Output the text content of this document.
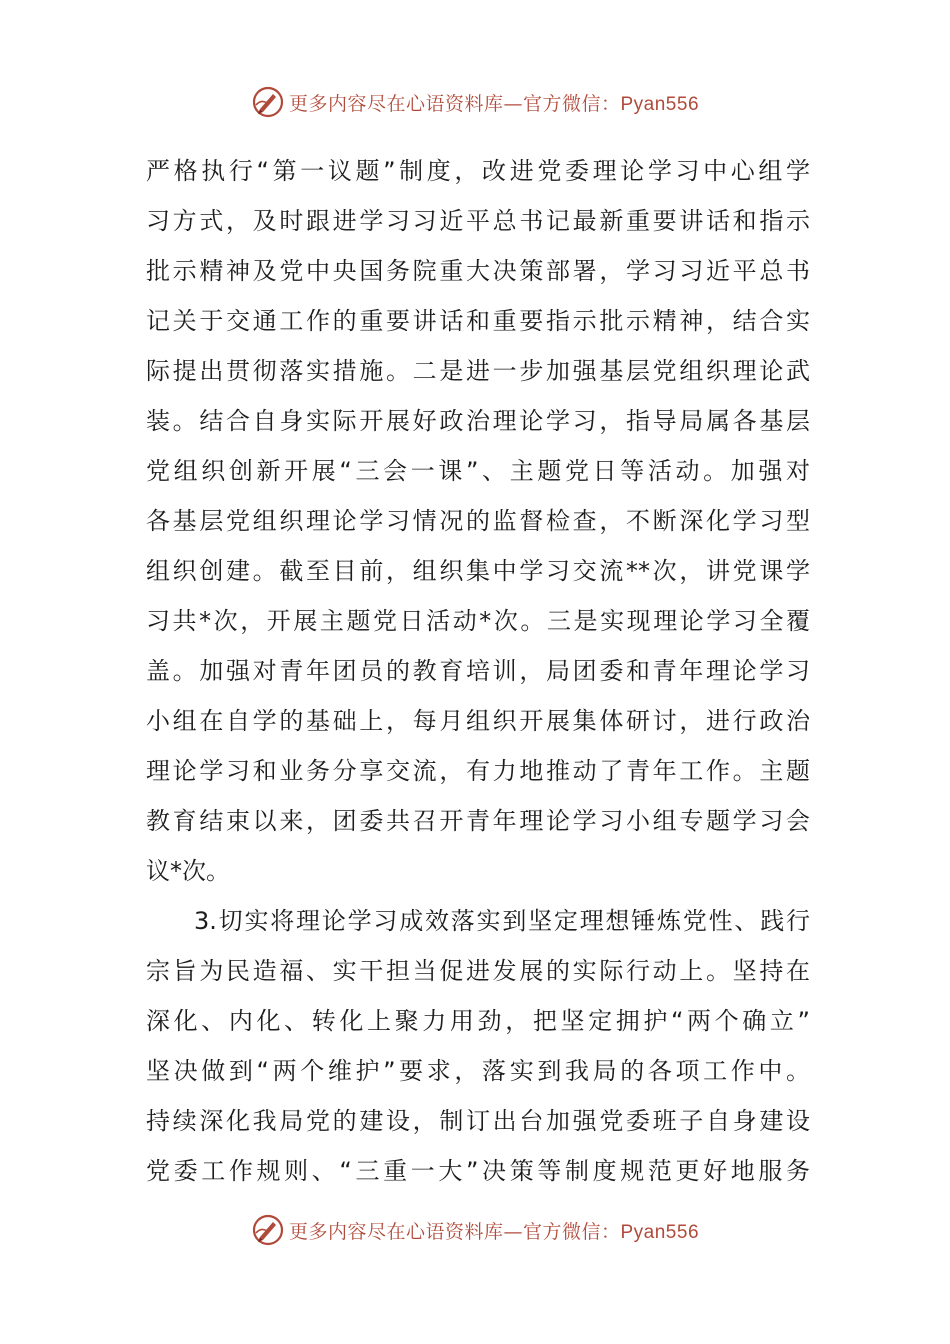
更多内容尽在心语资料库—官方微信：Pyan556
严格执行“第一议题”制度，改进党委理论学习中心组学
习方式，及时跟进学习习近平总书记最新重要讲话和指示
批示精神及党中央国务院重大决策部署，学习习近平总书
记关于交通工作的重要讲话和重要指示批示精神，结合实
际提出贯彻落实措施。二是进一步加强基层党组织理论武
装。结合自身实际开展好政治理论学习，指导局属各基层
党组织创新开展“三会一课”、主题党日等活动。加强对
各基层党组织理论学习情况的监督检查，不断深化学习型
组织创建。截至目前，组织集中学习交流**次，讲党课学
习共*次，开展主题党日活动*次。三是实现理论学习全覆
盖。加强对青年团员的教育培训，局团委和青年理论学习
小组在自学的基础上，每月组织开展集体研讨，进行政治
理论学习和业务分享交流，有力地推动了青年工作。主题
教育结束以来，团委共召开青年理论学习小组专题学习会
议*次。
3.切实将理论学习成效落实到坚定理想锤炼党性、践行
宗旨为民造福、实干担当促进发展的实际行动上。坚持在
深化、内化、转化上聚力用劲，把坚定拥护“两个确立”
坚决做到“两个维护”要求，落实到我局的各项工作中。
持续深化我局党的建设，制订出台加强党委班子自身建设
党委工作规则、“三重一大”决策等制度规范更好地服务
更多内容尽在心语资料库—官方微信：Pyan556
